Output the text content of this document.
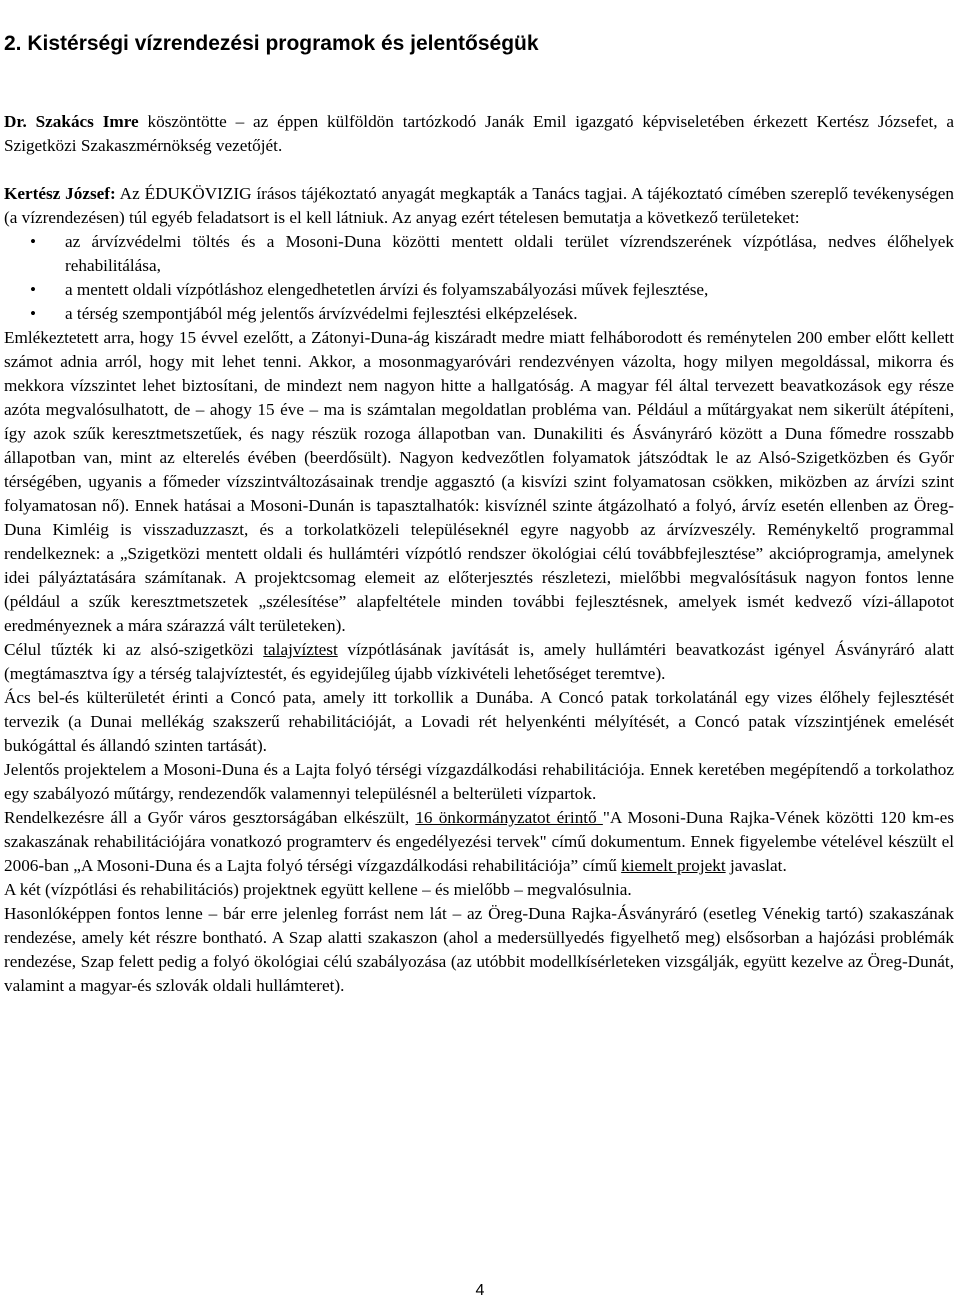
2. Kistérségi vízrendezési programok és jelentőségük

Dr. Szakács Imre köszöntötte – az éppen külföldön tartózkodó Janák Emil igazgató képviseletében érkezett Kertész Józsefet, a Szigetközi Szakaszmérnökség vezetőjét.

Kertész József: Az ÉDUKÖVIZIG írásos tájékoztató anyagát megkapták a Tanács tagjai. A tájékoztató címében szereplő tevékenységen (a vízrendezésen) túl egyéb feladatsort is el kell látniuk. Az anyag ezért tételesen bemutatja a következő területeket:

• az árvízvédelmi töltés és a Mosoni-Duna közötti mentett oldali terület vízrendszerének vízpótlása, nedves élőhelyek rehabilitálása,
• a mentett oldali vízpótláshoz elengedhetetlen árvízi és folyamszabályozási művek fejlesztése,
• a térség szempontjából még jelentős árvízvédelmi fejlesztési elképzelések.

Emlékeztetett arra, hogy 15 évvel ezelőtt, a Zátonyi-Duna-ág kiszáradt medre miatt felháborodott és reménytelen 200 ember előtt kellett számot adnia arról, hogy mit lehet tenni. Akkor, a mosonmagyaróvári rendezvényen vázolta, hogy milyen megoldással, mikorra és mekkora vízszintet lehet biztosítani, de mindezt nem nagyon hitte a hallgatóság. A magyar fél által tervezett beavatkozások egy része azóta megvalósulhatott, de – ahogy 15 éve – ma is számtalan megoldatlan probléma van. Például a műtárgyakat nem sikerült átépíteni, így azok szűk keresztmetszetűek, és nagy részük rozoga állapotban van. Dunakiliti és Ásványráró között a Duna főmedre rosszabb állapotban van, mint az elterelés évében (beerdősült). Nagyon kedvezőtlen folyamatok játszódtak le az Alsó-Szigetközben és Győr térségében, ugyanis a főmeder vízszintváltozásainak trendje aggasztó (a kisvízi szint folyamatosan csökken, miközben az árvízi szint folyamatosan nő). Ennek hatásai a Mosoni-Dunán is tapasztalhatók: kisvíznél szinte átgázolható a folyó, árvíz esetén ellenben az Öreg-Duna Kimléig is visszaduzzaszt, és a torkolatközeli településeknél egyre nagyobb az árvízveszély. Reménykeltő programmal rendelkeznek: a „Szigetközi mentett oldali és hullámtéri vízpótló rendszer ökológiai célú továbbfejlesztése” akcióprogramja, amelynek idei pályáztatására számítanak. A projektcsomag elemeit az előterjesztés részletezi, mielőbbi megvalósításuk nagyon fontos lenne (például a szűk keresztmetszetek „szélesítése” alapfeltétele minden további fejlesztésnek, amelyek ismét kedvező vízi-állapotot eredményeznek a mára szárazzá vált területeken).

Célul tűzték ki az alsó-szigetközi talajvíztest vízpótlásának javítását is, amely hullámtéri beavatkozást igényel Ásványráró alatt (megtámasztva így a térség talajvíztestét, és egyidejűleg újabb vízkivételi lehetőséget teremtve).

Ács bel-és külterületét érinti a Concó pata, amely itt torkollik a Dunába. A Concó patak torkolatánál egy vizes élőhely fejlesztését tervezik (a Dunai mellékág szakszerű rehabilitációját, a Lovadi rét helyenkénti mélyítését, a Concó patak vízszintjének emelését bukógáttal és állandó szinten tartását).

Jelentős projektelem a Mosoni-Duna és a Lajta folyó térségi vízgazdálkodási rehabilitációja. Ennek keretében megépítendő a torkolathoz egy szabályozó műtárgy, rendezendők valamennyi településnél a belterületi vízpartok.

Rendelkezésre áll a Győr város gesztorságában elkészült, 16 önkormányzatot érintő "A Mosoni-Duna Rajka-Vének közötti 120 km-es szakaszának rehabilitációjára vonatkozó programterv és engedélyezési tervek" című dokumentum. Ennek figyelembe vételével készült el 2006-ban „A Mosoni-Duna és a Lajta folyó térségi vízgazdálkodási rehabilitációja” című kiemelt projekt javaslat.

A két (vízpótlási és rehabilitációs) projektnek együtt kellene – és mielőbb – megvalósulnia.

Hasonlóképpen fontos lenne – bár erre jelenleg forrást nem lát – az Öreg-Duna Rajka-Ásványráró (esetleg Vénekig tartó) szakaszának rendezése, amely két részre bontható. A Szap alatti szakaszon (ahol a medersüllyedés figyelhető meg) elsősorban a hajózási problémák rendezése, Szap felett pedig a folyó ökológiai célú szabályozása (az utóbbit modellkísérleteken vizsgálják, együtt kezelve az Öreg-Dunát, valamint a magyar-és szlovák oldali hullámteret).

4
